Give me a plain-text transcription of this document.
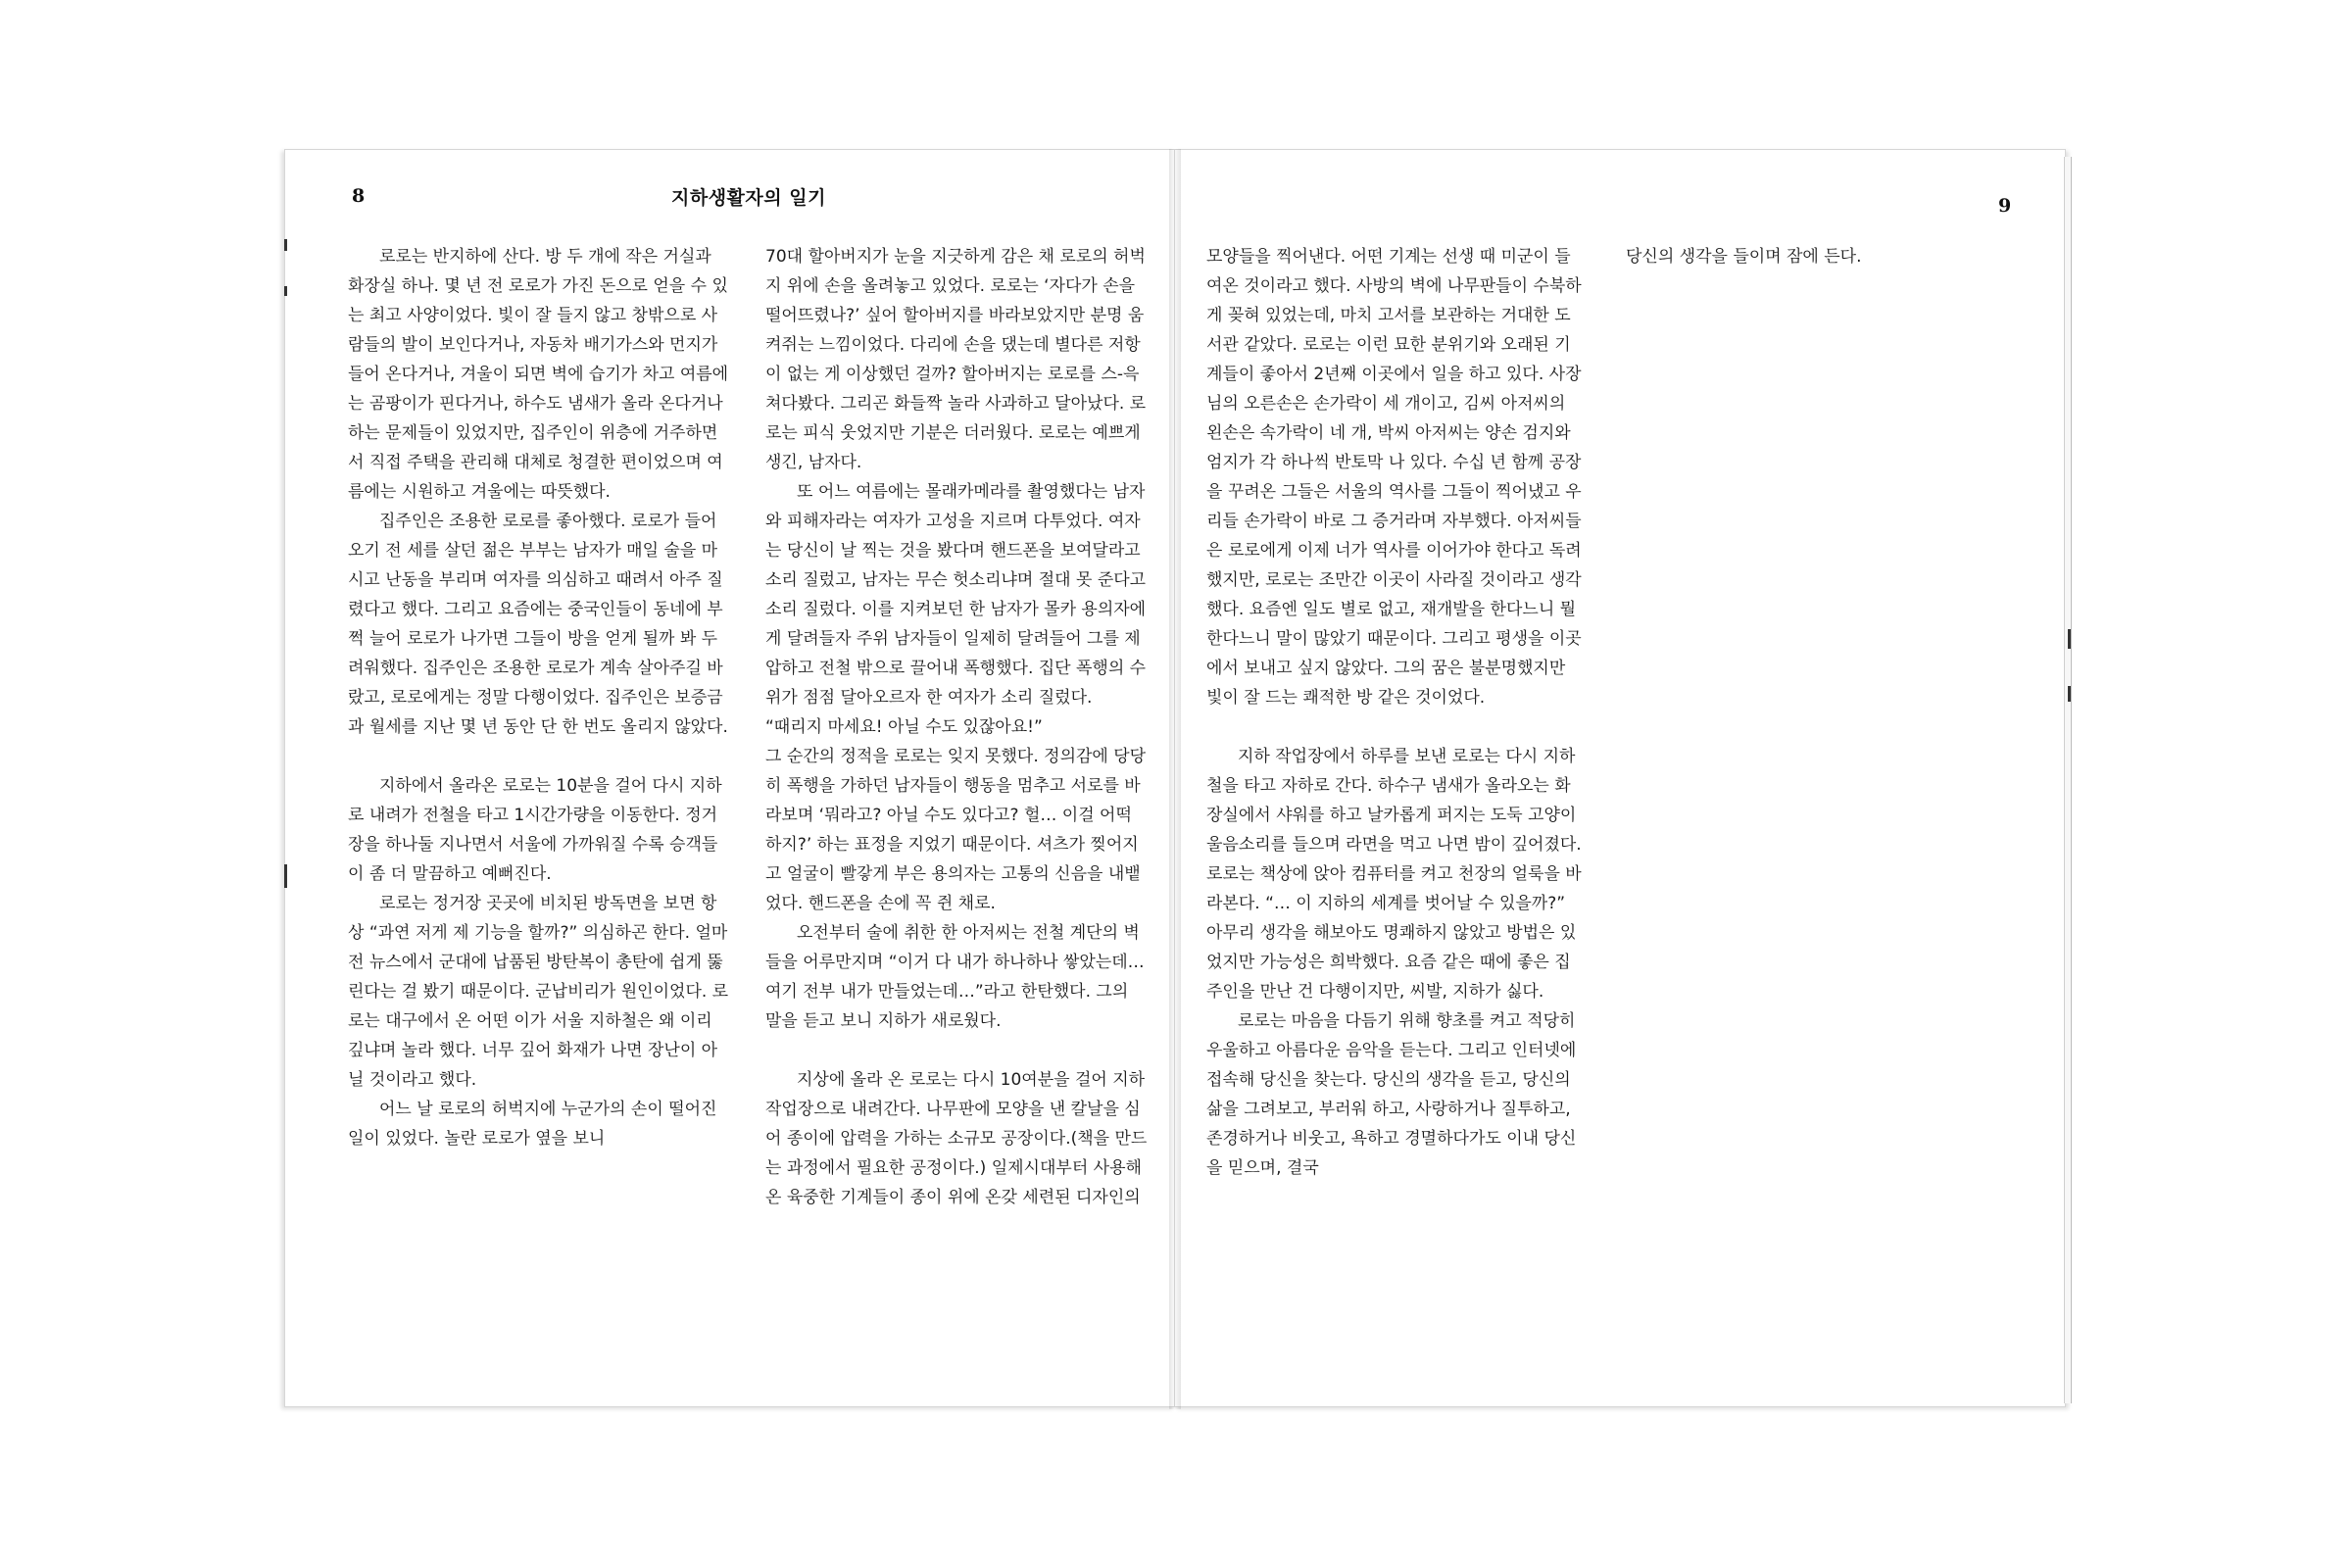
8	지하생활자의 일기

로로는 반지하에 산다. 방 두 개에 작은 거실과 화장실 하나. 몇 년 전 로로가 가진 돈으로 얻을 수 있는 최고 사양이었다. 빛이 잘 들지 않고 창밖으로 사람들의 발이 보인다거나, 자동차 배기가스와 먼지가 들어 온다거나, 겨울이 되면 벽에 습기가 차고 여름에는 곰팡이가 핀다거나, 하수도 냄새가 올라 온다거나 하는 문제들이 있었지만, 집주인이 위층에 거주하면서 직접 주택을 관리해 대체로 청결한 편이었으며 여름에는 시원하고 겨울에는 따뜻했다.

집주인은 조용한 로로를 좋아했다. 로로가 들어오기 전 세를 살던 젊은 부부는 남자가 매일 술을 마시고 난동을 부리며 여자를 의심하고 때려서 아주 질렸다고 했다. 그리고 요즘에는 중국인들이 동네에 부쩍 늘어 로로가 나가면 그들이 방을 얻게 될까 봐 두려워했다. 집주인은 조용한 로로가 계속 살아주길 바랐고, 로로에게는 정말 다행이었다. 집주인은 보증금과 월세를 지난 몇 년 동안 단 한 번도 올리지 않았다.

지하에서 올라온 로로는 10분을 걸어 다시 지하로 내려가 전철을 타고 1시간가량을 이동한다. 정거장을 하나둘 지나면서 서울에 가까워질 수록 승객들이 좀 더 말끔하고 예뻐진다.

로로는 정거장 곳곳에 비치된 방독면을 보면 항상 “과연 저게 제 기능을 할까?” 의심하곤 한다. 얼마 전 뉴스에서 군대에 납품된 방탄복이 총탄에 쉽게 뚫린다는 걸 봤기 때문이다. 군납비리가 원인이었다. 로로는 대구에서 온 어떤 이가 서울 지하철은 왜 이리 깊냐며 놀라 했다. 너무 깊어 화재가 나면 장난이 아닐 것이라고 했다.

어느 날 로로의 허벅지에 누군가의 손이 떨어진 일이 있었다. 놀란 로로가 옆을 보니

70대 할아버지가 눈을 지긋하게 감은 채 로로의 허벅지 위에 손을 올려놓고 있었다. 로로는 ‘자다가 손을 떨어뜨렸나?’ 싶어 할아버지를 바라보았지만 분명 움켜쥐는 느낌이었다. 다리에 손을 댔는데 별다른 저항이 없는 게 이상했던 걸까? 할아버지는 로로를 스-윽 쳐다봤다. 그리곤 화들짝 놀라 사과하고 달아났다. 로로는 피식 웃었지만 기분은 더러웠다. 로로는 예쁘게 생긴, 남자다.

또 어느 여름에는 몰래카메라를 촬영했다는 남자와 피해자라는 여자가 고성을 지르며 다투었다. 여자는 당신이 날 찍는 것을 봤다며 핸드폰을 보여달라고 소리 질렀고, 남자는 무슨 헛소리냐며 절대 못 준다고 소리 질렀다. 이를 지켜보던 한 남자가 몰카 용의자에게 달려들자 주위 남자들이 일제히 달려들어 그를 제압하고 전철 밖으로 끌어내 폭행했다. 집단 폭행의 수위가 점점 달아오르자 한 여자가 소리 질렀다.

“때리지 마세요! 아닐 수도 있잖아요!”

그 순간의 정적을 로로는 잊지 못했다. 정의감에 당당히 폭행을 가하던 남자들이 행동을 멈추고 서로를 바라보며 ‘뭐라고? 아닐 수도 있다고? 헐… 이걸 어떡하지?’ 하는 표정을 지었기 때문이다. 셔츠가 찢어지고 얼굴이 빨갛게 부은 용의자는 고통의 신음을 내뱉었다. 핸드폰을 손에 꼭 쥔 채로.

오전부터 술에 취한 한 아저씨는 전철 계단의 벽들을 어루만지며 “이거 다 내가 하나하나 쌓았는데… 여기 전부 내가 만들었는데…”라고 한탄했다. 그의 말을 듣고 보니 지하가 새로웠다.

지상에 올라 온 로로는 다시 10여분을 걸어 지하 작업장으로 내려간다. 나무판에 모양을 낸 칼날을 심어 종이에 압력을 가하는 소규모 공장이다.(책을 만드는 과정에서 필요한 공정이다.) 일제시대부터 사용해 온 육중한 기계들이 종이 위에 온갖 세련된 디자인의

9

모양들을 찍어낸다. 어떤 기계는 선생 때 미군이 들여온 것이라고 했다. 사방의 벽에 나무판들이 수북하게 꽂혀 있었는데, 마치 고서를 보관하는 거대한 도서관 같았다. 로로는 이런 묘한 분위기와 오래된 기계들이 좋아서 2년째 이곳에서 일을 하고 있다. 사장님의 오른손은 손가락이 세 개이고, 김씨 아저씨의 왼손은 속가락이 네 개, 박씨 아저씨는 양손 검지와 엄지가 각 하나씩 반토막 나 있다. 수십 년 함께 공장을 꾸려온 그들은 서울의 역사를 그들이 찍어냈고 우리들 손가락이 바로 그 증거라며 자부했다. 아저씨들은 로로에게 이제 너가 역사를 이어가야 한다고 독려했지만, 로로는 조만간 이곳이 사라질 것이라고 생각했다. 요즘엔 일도 별로 없고, 재개발을 한다느니 뭘 한다느니 말이 많았기 때문이다. 그리고 평생을 이곳에서 보내고 싶지 않았다. 그의 꿈은 불분명했지만 빛이 잘 드는 쾌적한 방 같은 것이었다.

지하 작업장에서 하루를 보낸 로로는 다시 지하철을 타고 자하로 간다. 하수구 냄새가 올라오는 화장실에서 샤워를 하고 날카롭게 퍼지는 도둑 고양이 울음소리를 들으며 라면을 먹고 나면 밤이 깊어졌다. 로로는 책상에 앉아 컴퓨터를 켜고 천장의 얼룩을 바라본다. “… 이 지하의 세계를 벗어날 수 있을까?” 아무리 생각을 해보아도 명쾌하지 않았고 방법은 있었지만 가능성은 희박했다. 요즘 같은 때에 좋은 집주인을 만난 건 다행이지만, 씨발, 지하가 싫다.

로로는 마음을 다듬기 위해 향초를 켜고 적당히 우울하고 아름다운 음악을 듣는다. 그리고 인터넷에 접속해 당신을 찾는다. 당신의 생각을 듣고, 당신의 삶을 그려보고, 부러워 하고, 사랑하거나 질투하고, 존경하거나 비웃고, 욕하고 경멸하다가도 이내 당신을 믿으며, 결국

당신의 생각을 들이며 잠에 든다.
